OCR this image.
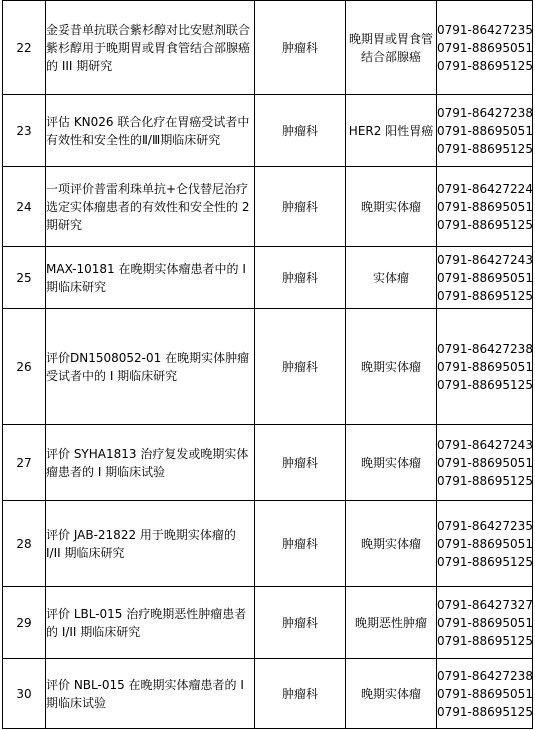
22	金妥昔单抗联合紫杉醇对比安慰剂联合紫杉醇用于晚期胃或胃食管结合部腺癌的 III 期研究	肿瘤科	晚期胃或胃食管结合部腺癌	0791-86427235
0791-88695051
0791-88695125

23	评估 KN026 联合化疗在胃癌受试者中有效性和安全性的Ⅱ/Ⅲ期临床研究	肿瘤科	HER2 阳性胃癌	0791-86427238
0791-88695051
0791-88695125

24	一项评价普雷利珠单抗+仑伐替尼治疗选定实体瘤患者的有效性和安全性的 2 期研究	肿瘤科	晚期实体瘤	0791-86427224
0791-88695051
0791-88695125

25	MAX-10181 在晚期实体瘤患者中的 I 期临床研究	肿瘤科	实体瘤	0791-86427243
0791-88695051
0791-88695125

26	评价DN1508052-01 在晚期实体肿瘤受试者中的 I 期临床研究	肿瘤科	晚期实体瘤	0791-86427238
0791-88695051
0791-88695125

27	评价 SYHA1813 治疗复发或晚期实体瘤患者的 I 期临床试验	肿瘤科	晚期实体瘤	0791-86427243
0791-88695051
0791-88695125

28	评价 JAB-21822 用于晚期实体瘤的 I/II 期临床研究	肿瘤科	晚期实体瘤	0791-86427235
0791-88695051
0791-88695125

29	评价 LBL-015 治疗晚期恶性肿瘤患者的 I/II 期临床研究	肿瘤科	晚期恶性肿瘤	0791-86427327
0791-88695051
0791-88695125

30	评价 NBL-015 在晚期实体瘤患者的 I 期临床试验	肿瘤科	晚期实体瘤	0791-86427238
0791-88695051
0791-88695125
